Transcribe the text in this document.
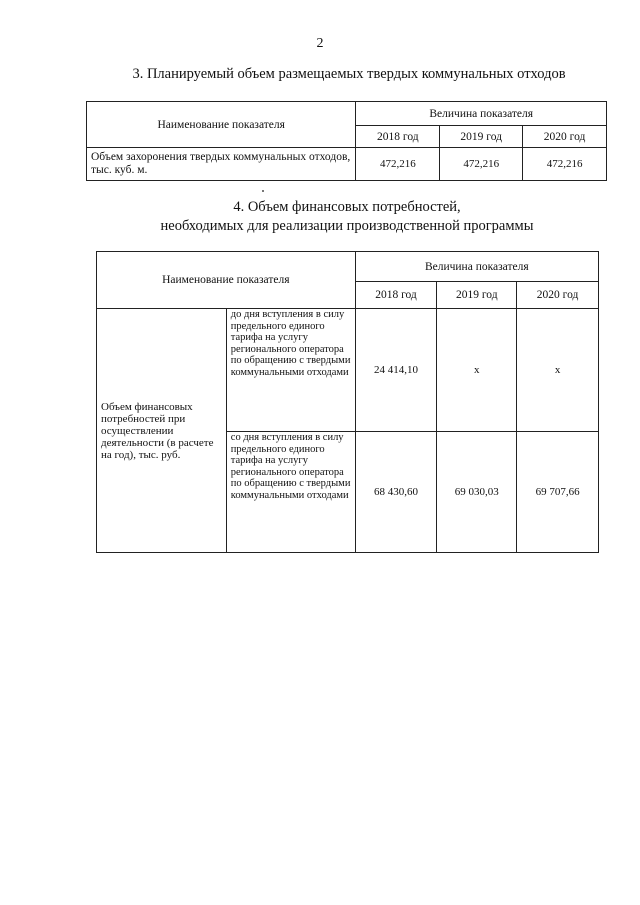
2
3. Планируемый объем размещаемых твердых коммунальных отходов
Наименование показателя	Величина показателя		
	2018 год	2019 год	2020 год
Объем захоронения твердых коммунальных отходов, тыс. куб. м.	472,216	472,216	472,216
4. Объем финансовых потребностей,
необходимых для реализации производственной программы
Наименование показателя		Величина показателя		
		2018 год	2019 год	2020 год
Объем финансовых потребностей при осуществлении деятельности (в расчете на год), тыс. руб.	до дня вступления в силу предельного единого тарифа на услугу регионального оператора по обращению с твердыми коммунальными отходами	24 414,10	x	x
	со дня вступления в силу предельного единого тарифа на услугу регионального оператора по обращению с твердыми коммунальными отходами	68 430,60	69 030,03	69 707,66
